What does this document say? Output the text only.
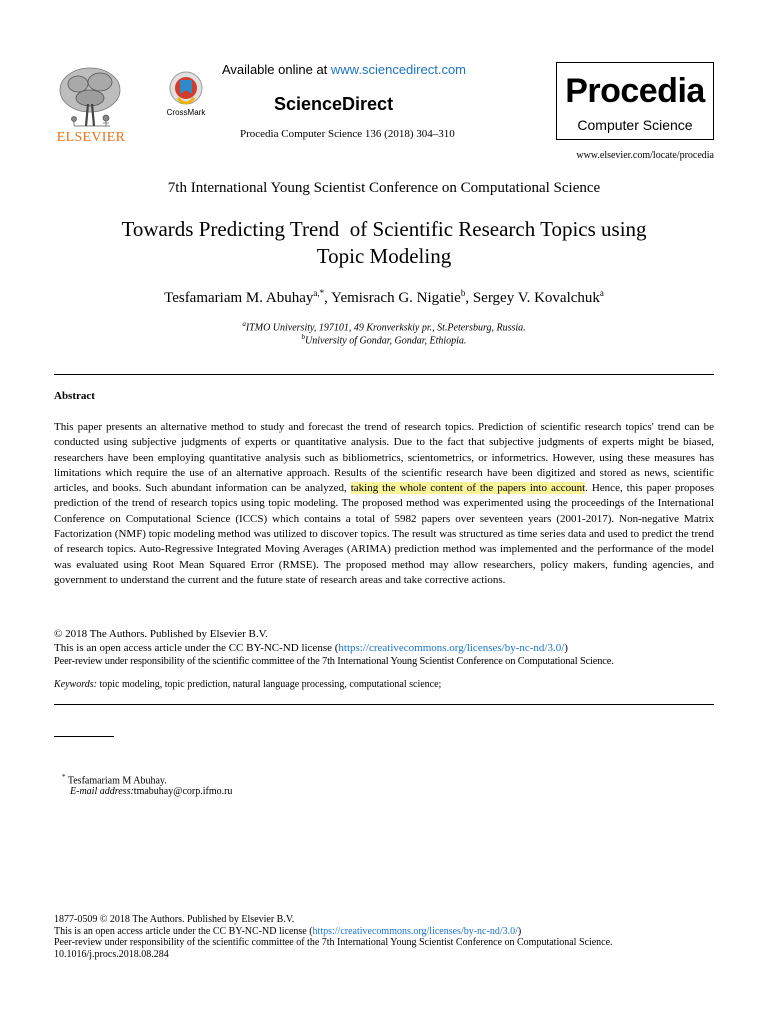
ELSEVIER
CrossMark
Available online at www.sciencedirect.com
ScienceDirect
Procedia Computer Science 136 (2018) 304–310
Procedia
Computer Science
www.elsevier.com/locate/procedia
7th International Young Scientist Conference on Computational Science
Towards Predicting Trend  of Scientific Research Topics using
Topic Modeling
Tesfamariam M. Abuhay$^{a,*}$, Yemisrach G. Nigatie$^b$, Sergey V. Kovalchuk$^a$
$^a$ITMO University, 197101, 49 Kronverkskiy pr., St.Petersburg, Russia.
$^b$University of Gondar, Gondar, Ethiopia.
Abstract
This paper presents an alternative method to study and forecast the trend of research topics. Prediction of scientific research topics' trend can be conducted using subjective judgments of experts or quantitative analysis. Due to the fact that subjective judgments of experts might be biased, researchers have been employing quantitative analysis such as bibliometrics, scientometrics, or informetrics. However, using these measures has limitations which require the use of an alternative approach. Results of the scientific research have been digitized and stored as news, scientific articles, and books. Such abundant information can be analyzed, taking the whole content of the papers into account. Hence, this paper proposes prediction of the trend of research topics using topic modeling. The proposed method was experimented using the proceedings of the International Conference on Computational Science (ICCS) which contains a total of 5982 papers over seventeen years (2001-2017). Non-negative Matrix Factorization (NMF) topic modeling method was utilized to discover topics. The result was structured as time series data and used to predict the trend of research topics. Auto-Regressive Integrated Moving Averages (ARIMA) prediction method was implemented and the performance of the model was evaluated using Root Mean Squared Error (RMSE). The proposed method may allow researchers, policy makers, funding agencies, and government to understand the current and the future state of research areas and take corrective actions.
© 2018 The Authors. Published by Elsevier B.V.
This is an open access article under the CC BY-NC-ND license (https://creativecommons.org/licenses/by-nc-nd/3.0/)
Peer-review under responsibility of the scientific committee of the 7th International Young Scientist Conference on Computational Science.
Keywords: topic modeling, topic prediction, natural language processing, computational science;
* Tesfamariam M Abuhay.
E-mail address:tmabuhay@corp.ifmo.ru
1877-0509 © 2018 The Authors. Published by Elsevier B.V.
This is an open access article under the CC BY-NC-ND license (https://creativecommons.org/licenses/by-nc-nd/3.0/)
Peer-review under responsibility of the scientific committee of the 7th International Young Scientist Conference on Computational Science.
10.1016/j.procs.2018.08.284
